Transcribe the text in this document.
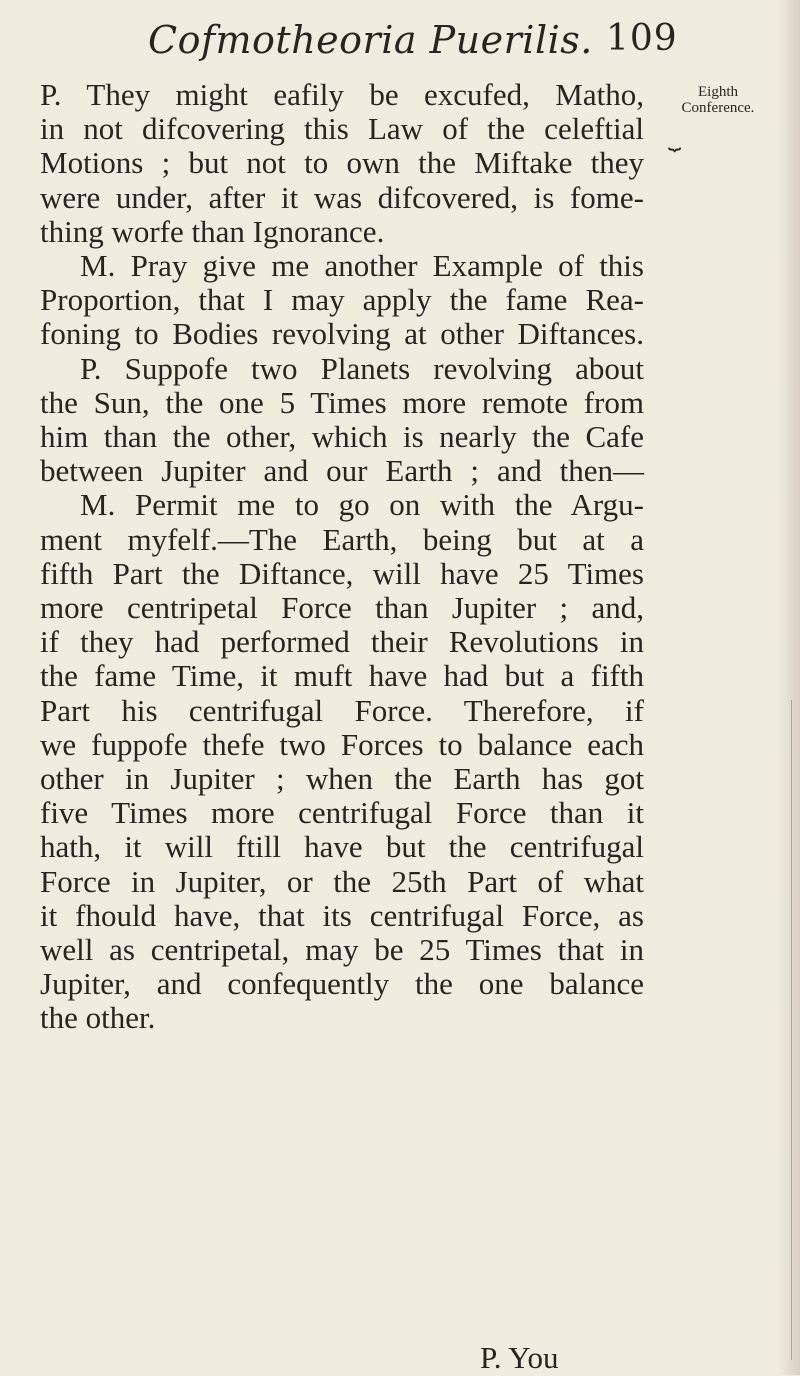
Cofmotheoria Puerilis. 109
Eighth
Conference.
⏟
P. They might eafily be excufed, Matho,
in not difcovering this Law of the celeftial
Motions ; but not to own the Miftake they
were under, after it was difcovered, is fome-
thing worfe than Ignorance.
M. Pray give me another Example of this
Proportion, that I may apply the fame Rea-
foning to Bodies revolving at other Diftances.
P. Suppofe two Planets revolving about
the Sun, the one 5 Times more remote from
him than the other, which is nearly the Cafe
between Jupiter and our Earth ; and then—
M. Permit me to go on with the Argu-
ment myfelf.—The Earth, being but at a
fifth Part the Diftance, will have 25 Times
more centripetal Force than Jupiter ; and,
if they had performed their Revolutions in
the fame Time, it muft have had but a fifth
Part his centrifugal Force. Therefore, if
we fuppofe thefe two Forces to balance each
other in Jupiter ; when the Earth has got
five Times more centrifugal Force than it
hath, it will ftill have but the centrifugal
Force in Jupiter, or the 25th Part of what
it fhould have, that its centrifugal Force, as
well as centripetal, may be 25 Times that in
Jupiter, and confequently the one balance
the other.
P. You
